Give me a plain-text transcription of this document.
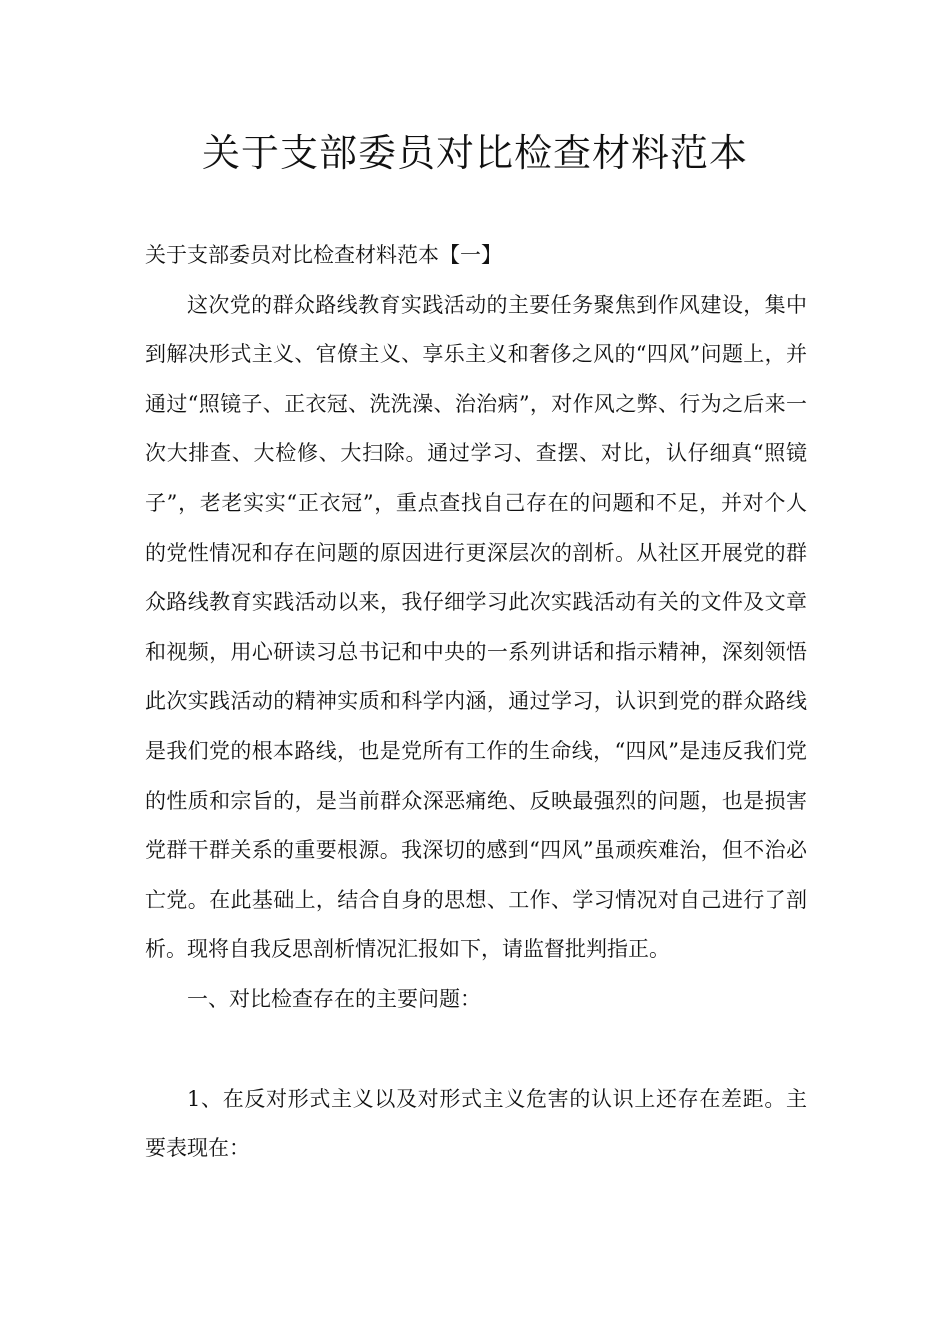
关于支部委员对比检查材料范本

关于支部委员对比检查材料范本【一】

这次党的群众路线教育实践活动的主要任务聚焦到作风建设，集中到解决形式主义、官僚主义、享乐主义和奢侈之风的“四风”问题上，并通过“照镜子、正衣冠、洗洗澡、治治病”，对作风之弊、行为之后来一次大排查、大检修、大扫除。通过学习、查摆、对比，认仔细真“照镜子”，老老实实“正衣冠”，重点查找自己存在的问题和不足，并对个人的党性情况和存在问题的原因进行更深层次的剖析。从社区开展党的群众路线教育实践活动以来，我仔细学习此次实践活动有关的文件及文章和视频，用心研读习总书记和中央的一系列讲话和指示精神，深刻领悟此次实践活动的精神实质和科学内涵，通过学习，认识到党的群众路线是我们党的根本路线，也是党所有工作的生命线，“四风”是违反我们党的性质和宗旨的，是当前群众深恶痛绝、反映最强烈的问题，也是损害党群干群关系的重要根源。我深切的感到“四风”虽顽疾难治，但不治必亡党。在此基础上，结合自身的思想、工作、学习情况对自己进行了剖析。现将自我反思剖析情况汇报如下，请监督批判指正。

一、对比检查存在的主要问题：

1、在反对形式主义以及对形式主义危害的认识上还存在差距。主要表现在：
